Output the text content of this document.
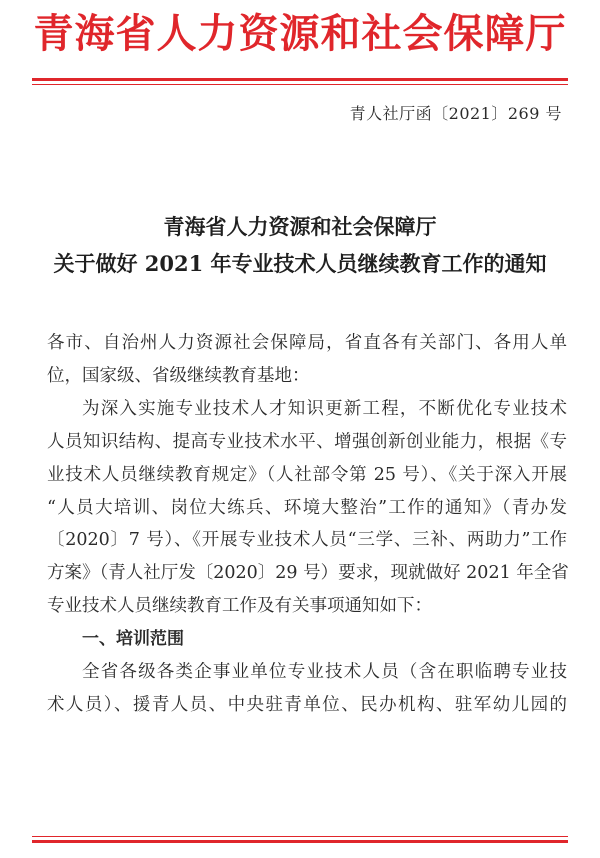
青海省人力资源和社会保障厅
青人社厅函〔2021〕269 号
青海省人力资源和社会保障厅
关于做好 2021 年专业技术人员继续教育工作的通知
各市、自治州人力资源社会保障局，省直各有关部门、各用人单
位，国家级、省级继续教育基地：
为深入实施专业技术人才知识更新工程，不断优化专业技术
人员知识结构、提高专业技术水平、增强创新创业能力，根据《专
业技术人员继续教育规定》（人社部令第 25 号）、《关于深入开展
“人员大培训、岗位大练兵、环境大整治”工作的通知》（青办发
〔2020〕7 号）、《开展专业技术人员“三学、三补、两助力”工作
方案》（青人社厅发〔2020〕29 号）要求，现就做好 2021 年全省
专业技术人员继续教育工作及有关事项通知如下：
一、培训范围
全省各级各类企事业单位专业技术人员（含在职临聘专业技
术人员）、援青人员、中央驻青单位、民办机构、驻军幼儿园的
